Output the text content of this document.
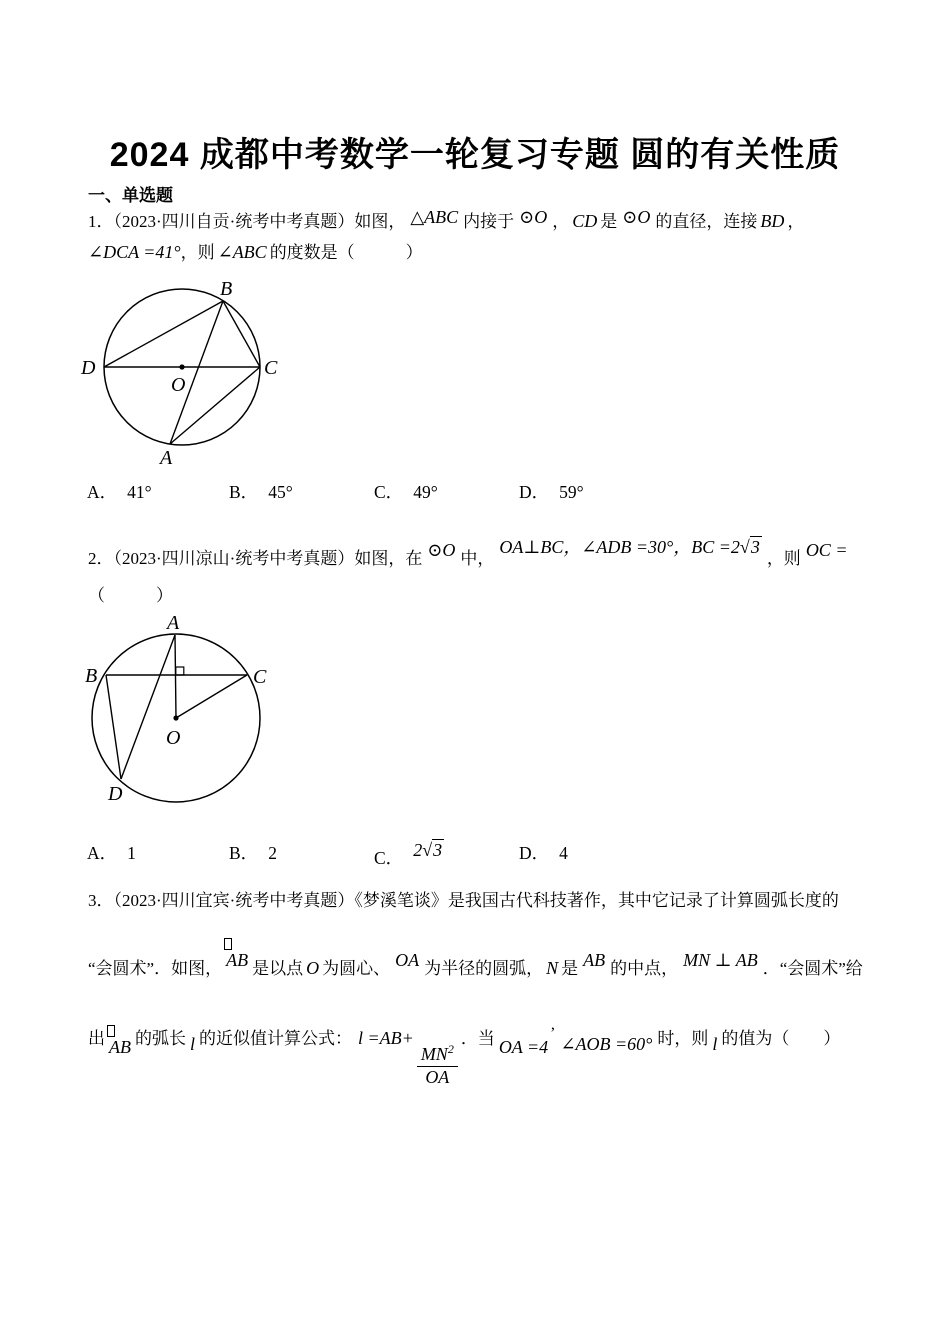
2024 成都中考数学一轮复习专题 圆的有关性质
一、单选题
1．（2023·四川自贡·统考中考真题）如图， △ABC 内接于 ⊙O ， CD 是 ⊙O 的直径，连接 BD ，
∠DCA =41°，则 ∠ABC 的度数是（　　　）
B
C
D
A
O
A． 41°	B． 45°	C． 49°	D． 59°
2．（2023·四川凉山·统考中考真题）如图，在 ⊙O 中，OA⊥BC，∠ADB =30°，BC =2√3，则 OC =
（　　　）
A
B	C
D
O
A． 1	B． 2	C． 2√3	D． 4
3．（2023·四川宜宾·统考中考真题）《梦溪笔谈》是我国古代科技著作，其中它记录了计算圆弧长度的
“会圆术”．如图， AB 是以点 O 为圆心、 OA 为半径的圆弧， N 是 AB 的中点， MN ⊥ AB ．“会圆术”给
出 AB 的弧长 l 的近似值计算公式： l =AB+
$\frac{MN^2}{OA}$
．当 OA =4’∠AOB =60° 时，则 l 的值为（　　）
